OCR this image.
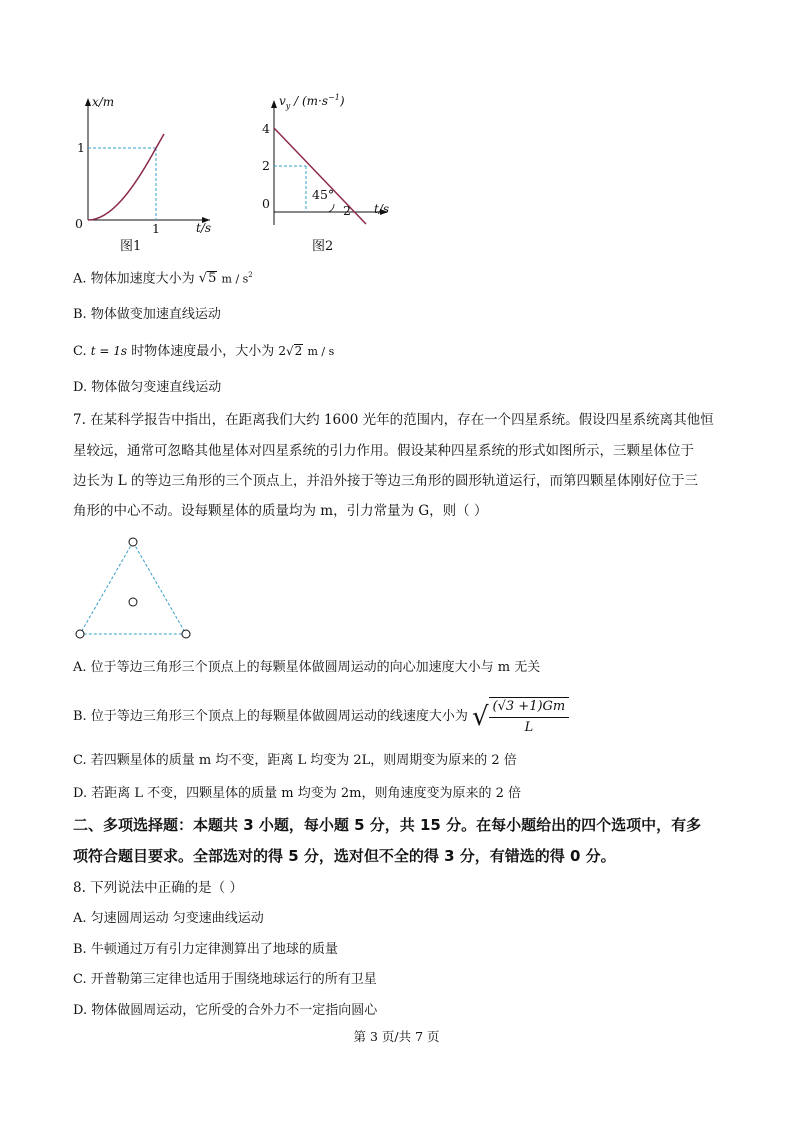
x/m
1
0	1	t/s
图1
$v_y / (m\cdot s^{-1})$
4
2
0	2
45°
t/s
图2
A. 物体加速度大小为 √5 m / $s^2$
B. 物体做变加速直线运动
C. t = 1s 时物体速度最小，大小为 2√2 m / s
D. 物体做匀变速直线运动
7. 在某科学报告中指出，在距离我们大约 1600 光年的范围内，存在一个四星系统。假设四星系统离其他恒
星较远，通常可忽略其他星体对四星系统的引力作用。假设某种四星系统的形式如图所示，三颗星体位于
边长为 L 的等边三角形的三个顶点上，并沿外接于等边三角形的圆形轨道运行，而第四颗星体刚好位于三
角形的中心不动。设每颗星体的质量均为 m，引力常量为 G，则（ ）
A. 位于等边三角形三个顶点上的每颗星体做圆周运动的向心加速度大小与 m 无关
B. 位于等边三角形三个顶点上的每颗星体做圆周运动的线速度大小为 √ $\frac{(√3 +1)Gm}{L}$
C. 若四颗星体的质量 m 均不变，距离 L 均变为 2L，则周期变为原来的 2 倍
D. 若距离 L 不变，四颗星体的质量 m 均变为 2m，则角速度变为原来的 2 倍
二、多项选择题：本题共 3 小题，每小题 5 分，共 15 分。在每小题给出的四个选项中，有多
项符合题目要求。全部选对的得 5 分，选对但不全的得 3 分，有错选的得 0 分。
8. 下列说法中正确的是（ ）
A. 匀速圆周运动 匀变速曲线运动
B. 牛顿通过万有引力定律测算出了地球的质量
C. 开普勒第三定律也适用于围绕地球运行的所有卫星
D. 物体做圆周运动，它所受的合外力不一定指向圆心
第 3 页/共 7 页
